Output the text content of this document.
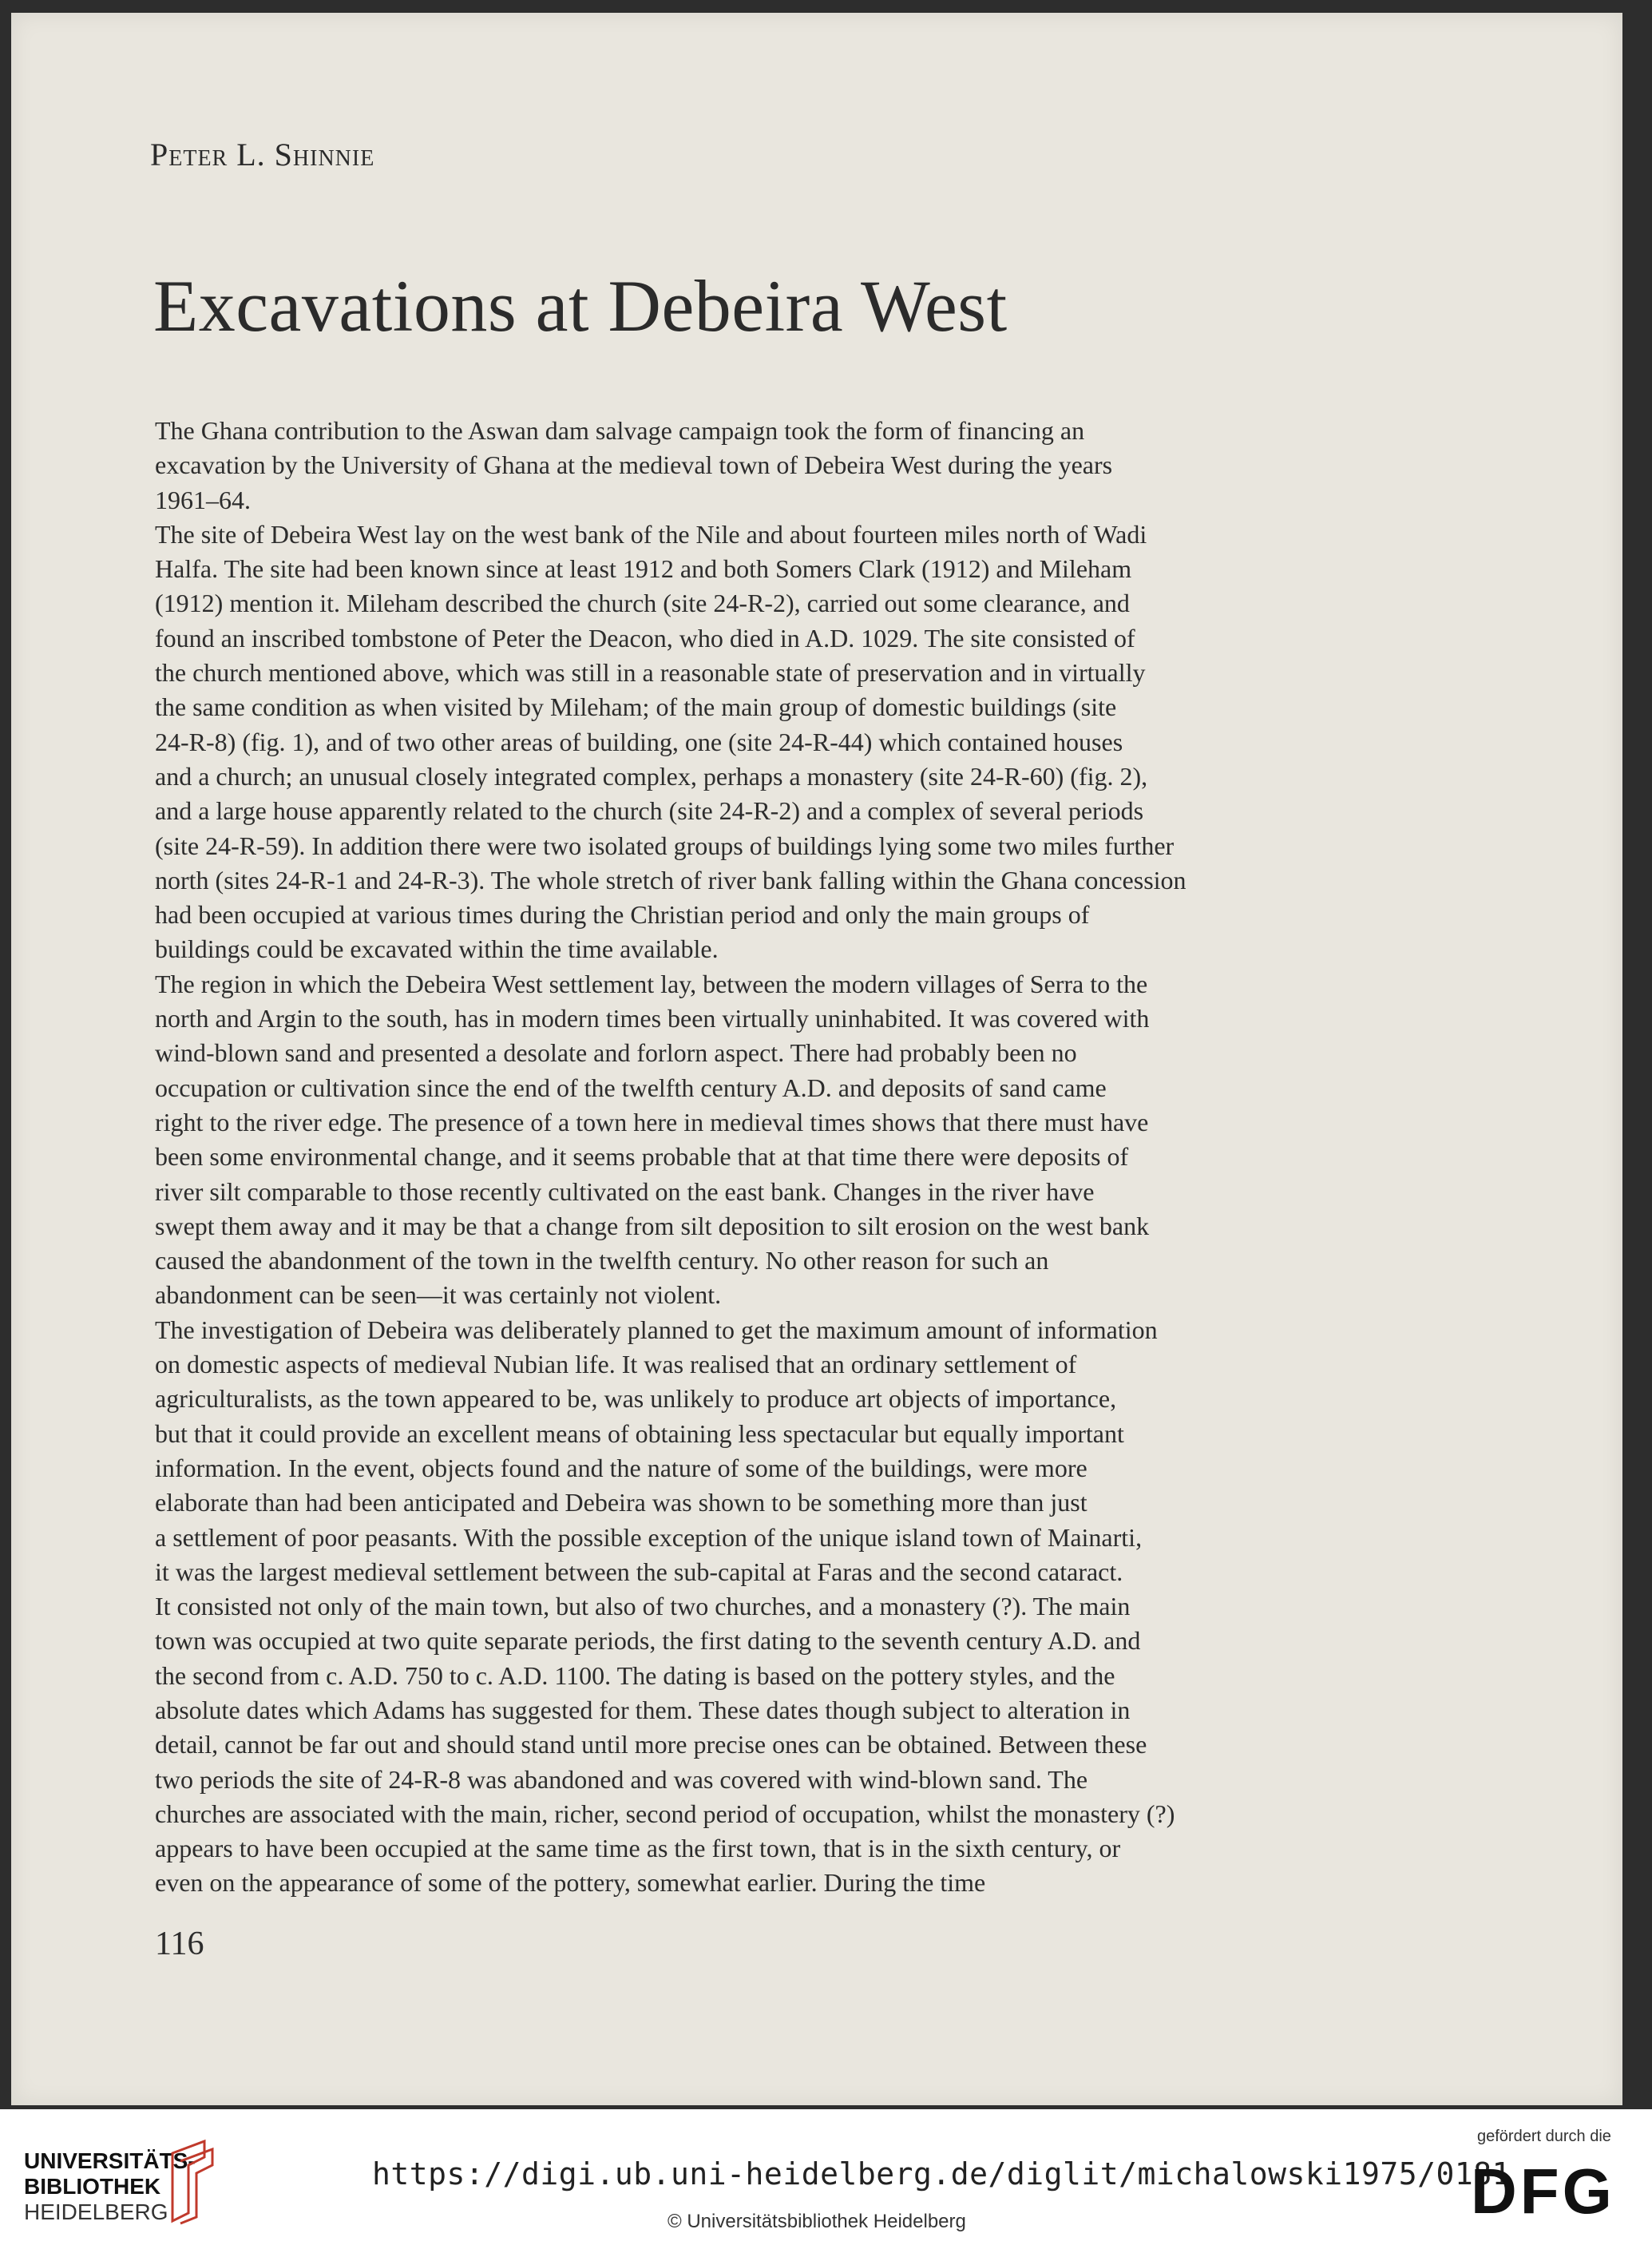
Peter L. Shinnie
Excavations at Debeira West
The Ghana contribution to the Aswan dam salvage campaign took the form of financing an
excavation by the University of Ghana at the medieval town of Debeira West during the years
1961–64.
The site of Debeira West lay on the west bank of the Nile and about fourteen miles north of Wadi
Halfa. The site had been known since at least 1912 and both Somers Clark (1912) and Mileham
(1912) mention it. Mileham described the church (site 24-R-2), carried out some clearance, and
found an inscribed tombstone of Peter the Deacon, who died in A.D. 1029. The site consisted of
the church mentioned above, which was still in a reasonable state of preservation and in virtually
the same condition as when visited by Mileham; of the main group of domestic buildings (site
24-R-8) (fig. 1), and of two other areas of building, one (site 24-R-44) which contained houses
and a church; an unusual closely integrated complex, perhaps a monastery (site 24-R-60) (fig. 2),
and a large house apparently related to the church (site 24-R-2) and a complex of several periods
(site 24-R-59). In addition there were two isolated groups of buildings lying some two miles further
north (sites 24-R-1 and 24-R-3). The whole stretch of river bank falling within the Ghana concession
had been occupied at various times during the Christian period and only the main groups of
buildings could be excavated within the time available.
The region in which the Debeira West settlement lay, between the modern villages of Serra to the
north and Argin to the south, has in modern times been virtually uninhabited. It was covered with
wind-blown sand and presented a desolate and forlorn aspect. There had probably been no
occupation or cultivation since the end of the twelfth century A.D. and deposits of sand came
right to the river edge. The presence of a town here in medieval times shows that there must have
been some environmental change, and it seems probable that at that time there were deposits of
river silt comparable to those recently cultivated on the east bank. Changes in the river have
swept them away and it may be that a change from silt deposition to silt erosion on the west bank
caused the abandonment of the town in the twelfth century. No other reason for such an
abandonment can be seen—it was certainly not violent.
The investigation of Debeira was deliberately planned to get the maximum amount of information
on domestic aspects of medieval Nubian life. It was realised that an ordinary settlement of
agriculturalists, as the town appeared to be, was unlikely to produce art objects of importance,
but that it could provide an excellent means of obtaining less spectacular but equally important
information. In the event, objects found and the nature of some of the buildings, were more
elaborate than had been anticipated and Debeira was shown to be something more than just
a settlement of poor peasants. With the possible exception of the unique island town of Mainarti,
it was the largest medieval settlement between the sub-capital at Faras and the second cataract.
It consisted not only of the main town, but also of two churches, and a monastery (?). The main
town was occupied at two quite separate periods, the first dating to the seventh century A.D. and
the second from c. A.D. 750 to c. A.D. 1100. The dating is based on the pottery styles, and the
absolute dates which Adams has suggested for them. These dates though subject to alteration in
detail, cannot be far out and should stand until more precise ones can be obtained. Between these
two periods the site of 24-R-8 was abandoned and was covered with wind-blown sand. The
churches are associated with the main, richer, second period of occupation, whilst the monastery (?)
appears to have been occupied at the same time as the first town, that is in the sixth century, or
even on the appearance of some of the pottery, somewhat earlier. During the time
116
UNIVERSITÄTS-
BIBLIOTHEK
HEIDELBERG
https://digi.ub.uni-heidelberg.de/diglit/michalowski1975/0181
© Universitätsbibliothek Heidelberg
gefördert durch die
DFG
